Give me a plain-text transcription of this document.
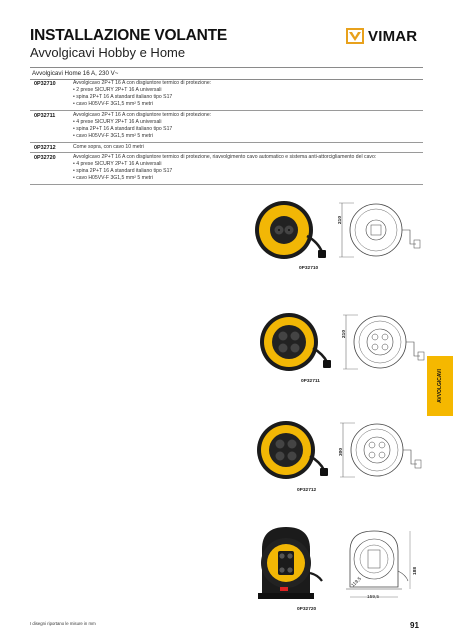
INSTALLAZIONE VOLANTE
Avvolgicavi Hobby e Home
VIMAR
Avvolgicavi Home 16 A, 230 V~
0P32710	Avvolgicavo 2P+T 16 A con disgiuntore termico di protezione:
• 2 prese SICURY 2P+T 16 A universali
• spina 2P+T 16 A standard italiano tipo S17
• cavo H05VV-F 3G1,5 mm² 5 metri
0P32711	Avvolgicavo 2P+T 16 A con disgiuntore termico di protezione:
• 4 prese SICURY 2P+T 16 A universali
• spina 2P+T 16 A standard italiano tipo S17
• cavo H05VV-F 3G1,5 mm² 5 metri
0P32712	Come sopra, con cavo 10 metri
0P32720	Avvolgicavo 2P+T 16 A con disgiuntore termico di protezione, riavvolgimento cavo automatico e sistema anti-attorcigliamento del cavo:
• 4 prese SICURY 2P+T 16 A universali
• spina 2P+T 16 A standard italiano tipo S17
• cavo H05VV-F 3G1,5 mm² 5 metri
0P32710
210
0P32711
210
0P32712
300
0P32720
188
159,5
119,5
AVVOLGICAVI
I disegni riportano le misure in mm	91
